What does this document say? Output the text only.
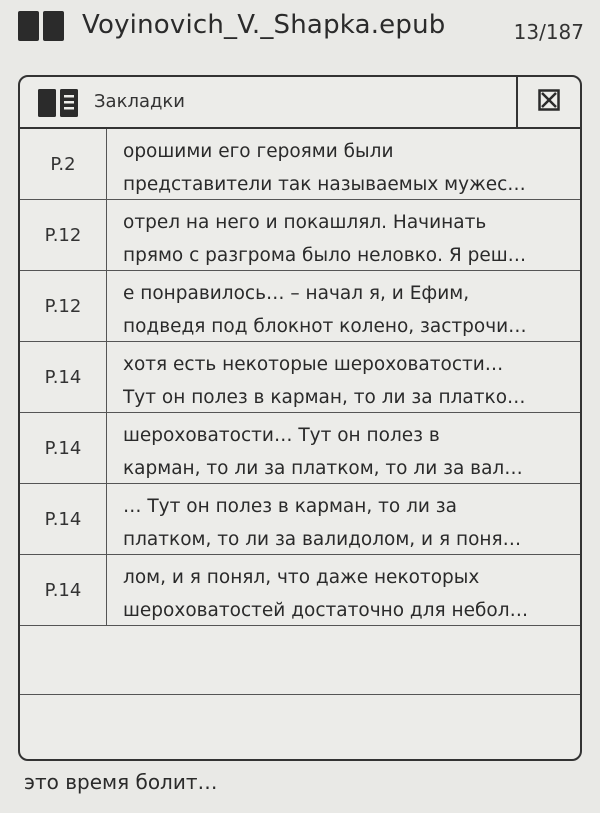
Voyinovich_V._Shapka.epub	13/187
Закладки
P.2
орошими его героями были
представители так называемых мужес…
P.12
отрел на него и покашлял. Начинать
прямо с разгрома было неловко. Я реш…
P.12
е понравилось… – начал я, и Ефим,
подведя под блокнот колено, застрочи…
P.14
хотя есть некоторые шероховатости…
Тут он полез в карман, то ли за платко…
P.14
шероховатости… Тут он полез в
карман, то ли за платком, то ли за вал…
P.14
… Тут он полез в карман, то ли за
платком, то ли за валидолом, и я поня…
P.14
лом, и я понял, что даже некоторых
шероховатостей достаточно для небол…
это время болит…
